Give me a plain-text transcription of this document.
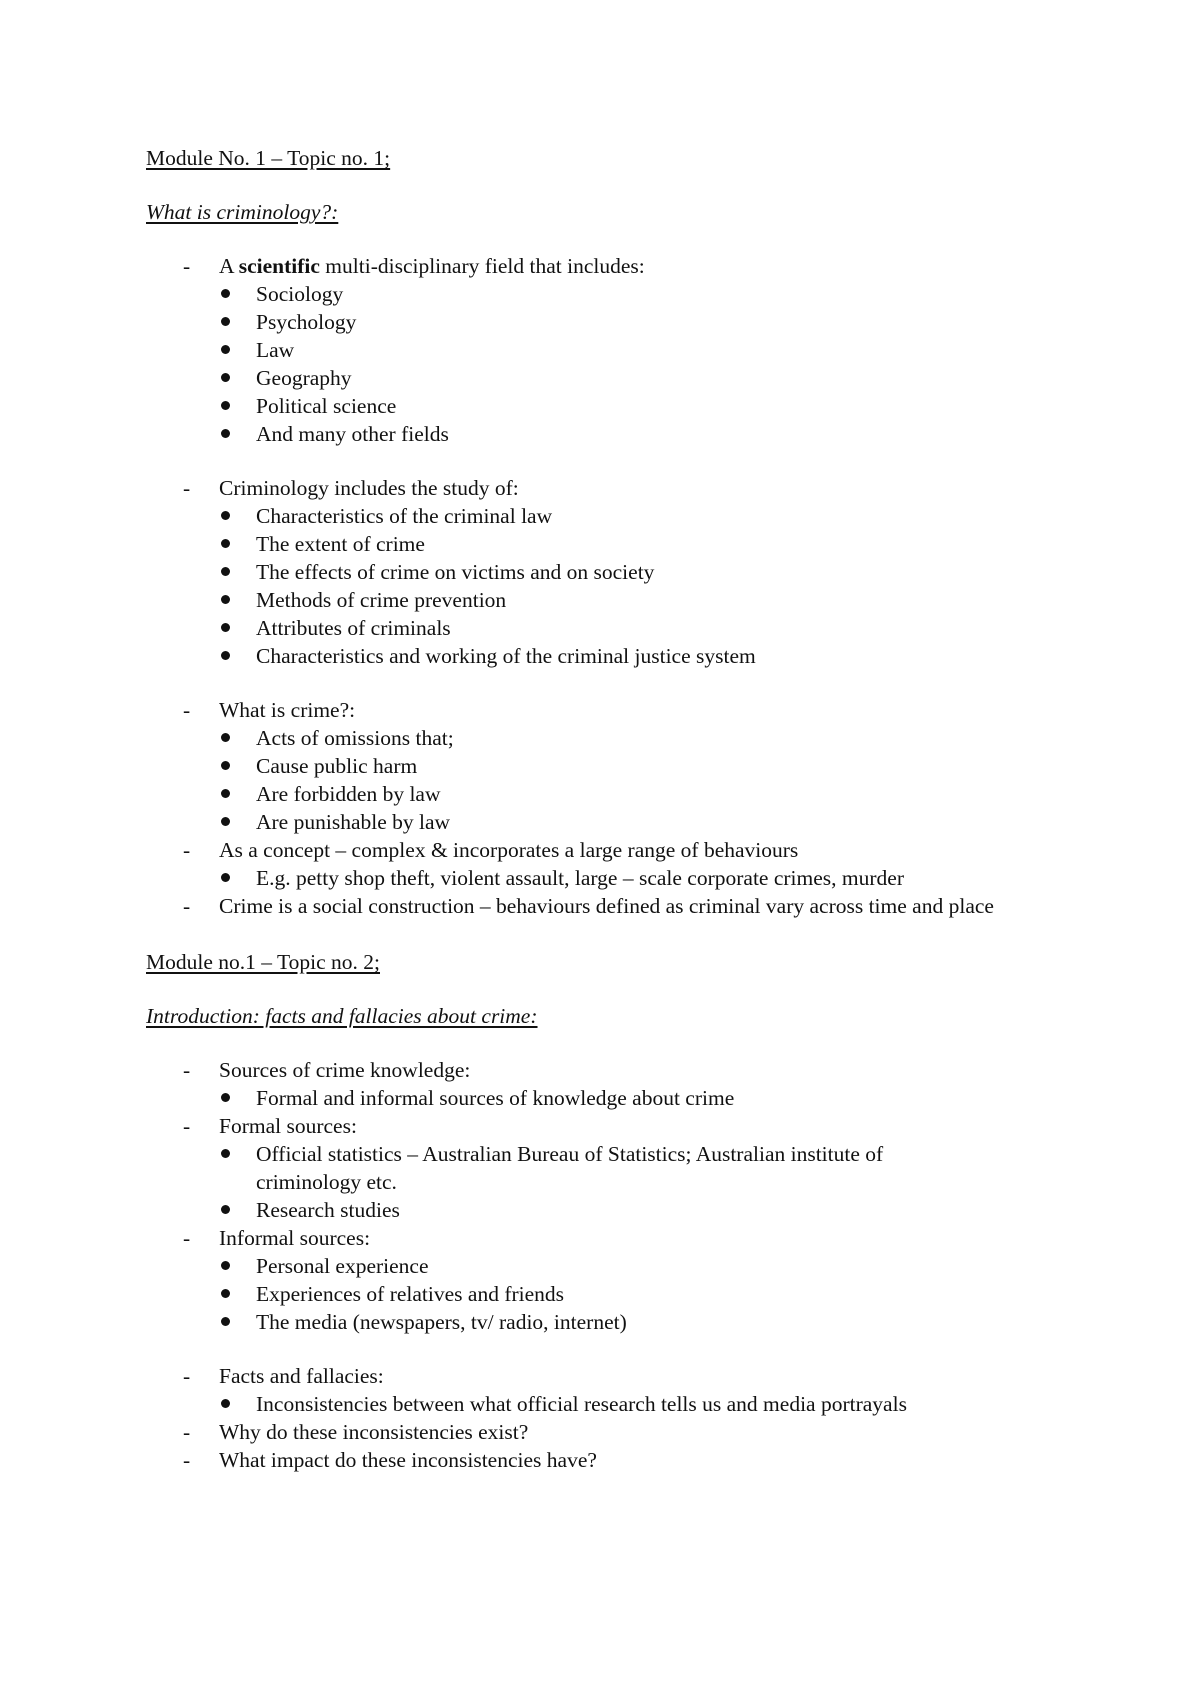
Module No. 1 – Topic no. 1;
What is criminology?:
- A scientific multi-disciplinary field that includes:
Sociology
Psychology
Law
Geography
Political science
And many other fields
- Criminology includes the study of:
Characteristics of the criminal law
The extent of crime
The effects of crime on victims and on society
Methods of crime prevention
Attributes of criminals
Characteristics and working of the criminal justice system
- What is crime?:
Acts of omissions that;
Cause public harm
Are forbidden by law
Are punishable by law
- As a concept – complex & incorporates a large range of behaviours
E.g. petty shop theft, violent assault, large – scale corporate crimes, murder
- Crime is a social construction – behaviours defined as criminal vary across time and place
Module no.1 – Topic no. 2;
Introduction: facts and fallacies about crime:
- Sources of crime knowledge:
Formal and informal sources of knowledge about crime
- Formal sources:
Official statistics – Australian Bureau of Statistics; Australian institute of criminology etc.
Research studies
- Informal sources:
Personal experience
Experiences of relatives and friends
The media (newspapers, tv/ radio, internet)
- Facts and fallacies:
Inconsistencies between what official research tells us and media portrayals
- Why do these inconsistencies exist?
- What impact do these inconsistencies have?
